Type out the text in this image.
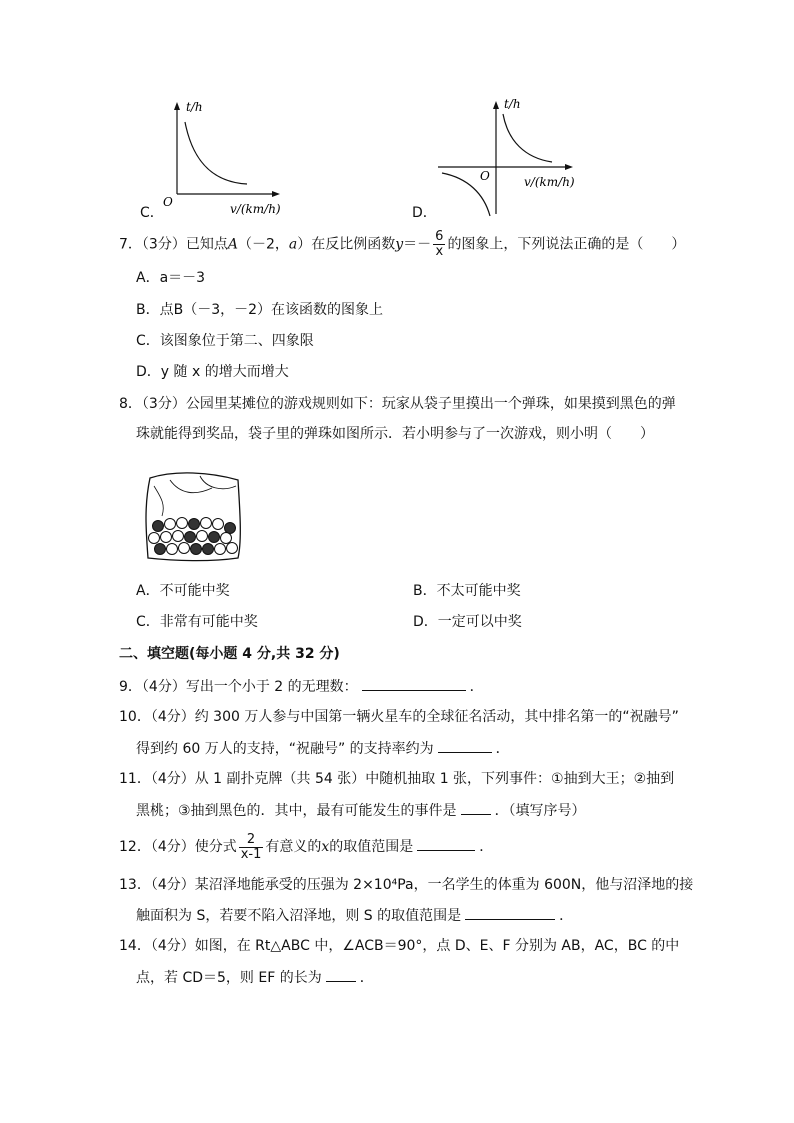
C．
t/h
O	v/(km/h)	D．
t/h
O	v/(km/h)
7．（3分）已知点A（－2，a）在反比例函数$y=- \frac{6}{x}$ 的图象上，下列说法正确的是（　　）
A．a＝－3
B．点B（－3，－2）在该函数的图象上
C．该图象位于第二、四象限
D．y 随 x 的增大而增大
8．（3分）公园里某摊位的游戏规则如下：玩家从袋子里摸出一个弹珠，如果摸到黑色的弹
珠就能得到奖品，袋子里的弹珠如图所示．若小明参与了一次游戏，则小明（　　）
A．不可能中奖	B．不太可能中奖
C．非常有可能中奖	D．一定可以中奖
二、填空题(每小题 4 分,共 32 分)
9．（4分）写出一个小于 2 的无理数：	．
10．（4分）约 300 万人参与中国第一辆火星车的全球征名活动，其中排名第一的“祝融号”
得到约 60 万人的支持，“祝融号” 的支持率约为	．
11．（4分）从 1 副扑克牌（共 54 张）中随机抽取 1 张，下列事件：①抽到大王；②抽到
黑桃；③抽到黑色的．其中，最有可能发生的事件是	．（填写序号）
12．（4分）使分式 $\frac{2}{x-1}$ 有意义的x的取值范围是	．
13．（4分）某沼泽地能承受的压强为 2×10⁴Pa，一名学生的体重为 600N，他与沼泽地的接
触面积为 S，若要不陷入沼泽地，则 S 的取值范围是	．
14．（4分）如图，在 Rt△ABC 中，∠ACB＝90°，点 D、E、F 分别为 AB，AC，BC 的中
点，若 CD＝5，则 EF 的长为	．
